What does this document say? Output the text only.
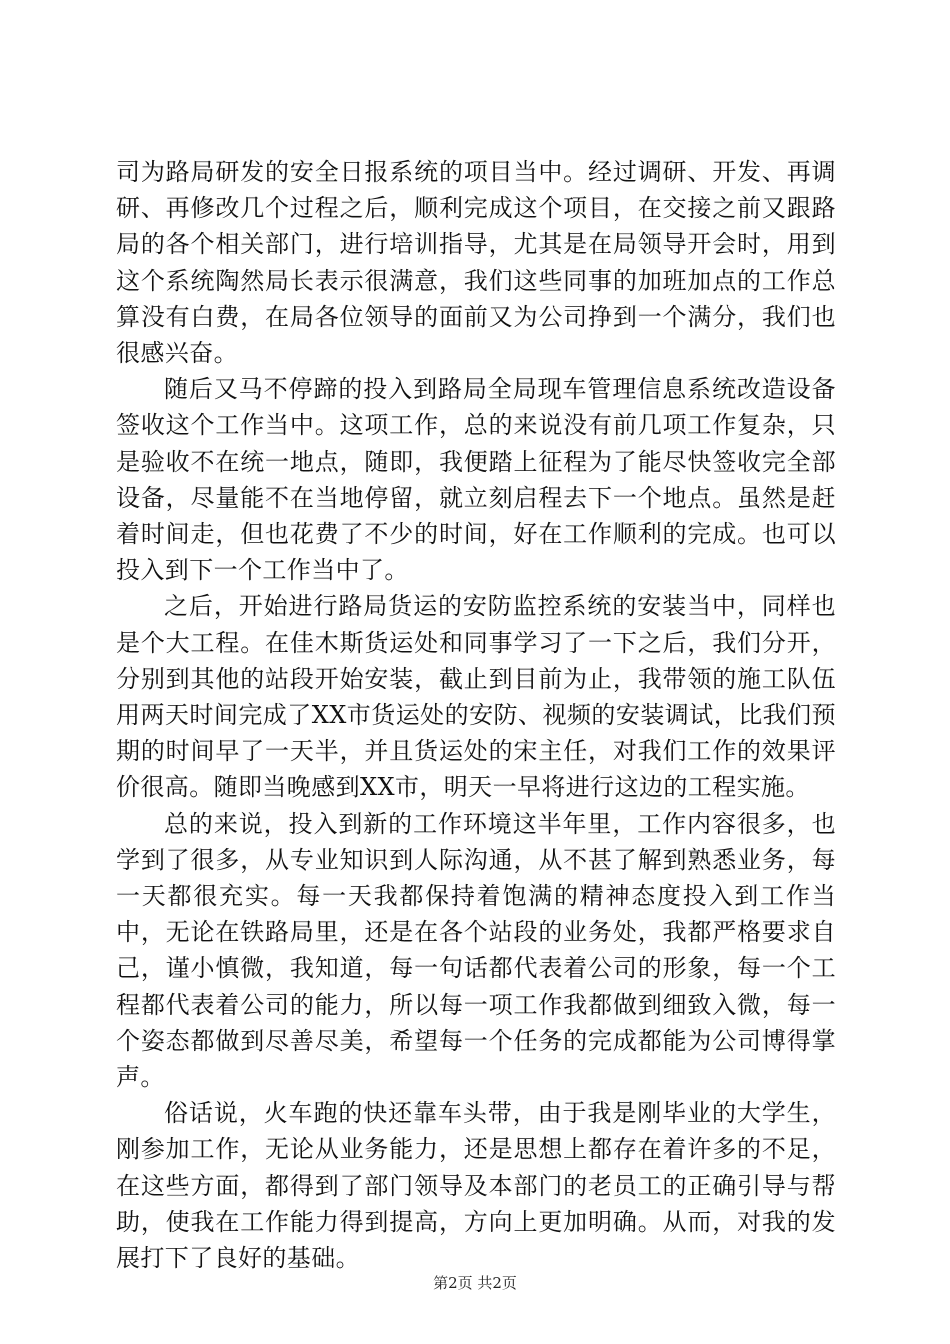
司为路局研发的安全日报系统的项目当中。经过调研、开发、再调研、再修改几个过程之后，顺利完成这个项目，在交接之前又跟路局的各个相关部门，进行培训指导，尤其是在局领导开会时，用到这个系统陶然局长表示很满意，我们这些同事的加班加点的工作总算没有白费，在局各位领导的面前又为公司挣到一个满分，我们也很感兴奋。

随后又马不停蹄的投入到路局全局现车管理信息系统改造设备签收这个工作当中。这项工作，总的来说没有前几项工作复杂，只是验收不在统一地点，随即，我便踏上征程为了能尽快签收完全部设备，尽量能不在当地停留，就立刻启程去下一个地点。虽然是赶着时间走，但也花费了不少的时间，好在工作顺利的完成。也可以投入到下一个工作当中了。

之后，开始进行路局货运的安防监控系统的安装当中，同样也是个大工程。在佳木斯货运处和同事学习了一下之后，我们分开，分别到其他的站段开始安装，截止到目前为止，我带领的施工队伍用两天时间完成了XX市货运处的安防、视频的安装调试，比我们预期的时间早了一天半，并且货运处的宋主任，对我们工作的效果评价很高。随即当晚感到XX市，明天一早将进行这边的工程实施。

总的来说，投入到新的工作环境这半年里，工作内容很多，也学到了很多，从专业知识到人际沟通，从不甚了解到熟悉业务，每一天都很充实。每一天我都保持着饱满的精神态度投入到工作当中，无论在铁路局里，还是在各个站段的业务处，我都严格要求自己，谨小慎微，我知道，每一句话都代表着公司的形象，每一个工程都代表着公司的能力，所以每一项工作我都做到细致入微，每一个姿态都做到尽善尽美，希望每一个任务的完成都能为公司博得掌声。

俗话说，火车跑的快还靠车头带，由于我是刚毕业的大学生，刚参加工作，无论从业务能力，还是思想上都存在着许多的不足，在这些方面，都得到了部门领导及本部门的老员工的正确引导与帮助，使我在工作能力得到提高，方向上更加明确。从而，对我的发展打下了良好的基础。

第2页 共2页
